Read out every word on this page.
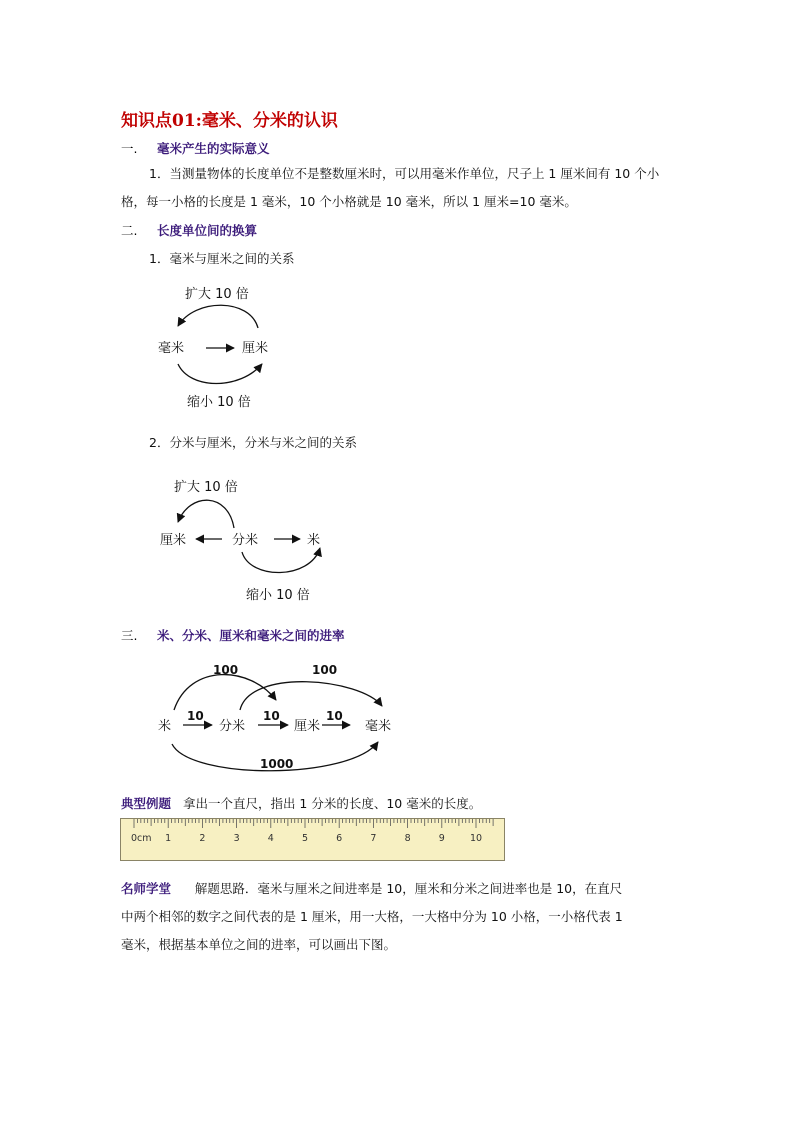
知识点01:毫米、分米的认识
一. 毫米产生的实际意义
1．当测量物体的长度单位不是整数厘米时，可以用毫米作单位，尺子上 1 厘米间有 10 个小格，每一小格的长度是 1 毫米，10 个小格就是 10 毫米，所以 1 厘米=10 毫米。
二. 长度单位间的换算
1．毫米与厘米之间的关系
扩大 10 倍
毫米	厘米
缩小 10 倍
2．分米与厘米，分米与米之间的关系
扩大 10 倍
厘米	分米	米
缩小 10 倍
三. 米、分米、厘米和毫米之间的进率
100	100
米
10
分米
10
厘米
10
毫米
1000
典型例题 拿出一个直尺，指出 1 分米的长度、10 毫米的长度。
0cm 1	2	3	4	5	6	7	8	9	10
名师学堂 解题思路．毫米与厘米之间进率是 10，厘米和分米之间进率也是 10，在直尺
中两个相邻的数字之间代表的是 1 厘米，用一大格，一大格中分为 10 小格，一小格代表 1
毫米，根据基本单位之间的进率，可以画出下图。
